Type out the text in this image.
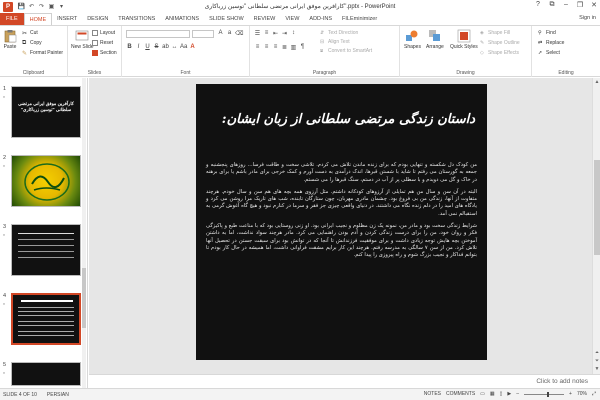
P	💾 ↶ ↷ ▣ ▾	کارآفرین موفق ایرانی مرتضی سلطانی "توسین زرباکاری".pptx - PowerPoint	? ⧉ – ❐ ✕
FILE	HOME	INSERT	DESIGN	TRANSITIONS	ANIMATIONS	SLIDE SHOW	REVIEW	VIEW	ADD-INS	FILEminimizer	Sign in
Paste
✂ Cut
⧉ Copy
✎ Format Painter
Clipboard
New Slide
Layout
Reset
Section
Slides
A a ⌫
B I	U S ab ↔ Aa A
Font
☰ ≡ ⇤ ⇥ ↕
≡ ≡ ≡ ≣ ▥ ¶
⇵ Text Direction
⊟ Align Text
⧈ Convert to SmartArt
Paragraph
Shapes Arrange Quick Styles
◈ Shape Fill
✎ Shape Outline
◇ Shape Effects
Drawing
⚲ Find
⇄ Replace
➚ Select
Editing
1
*
کارآفرین موفق ایرانی مرتضی سلطانی "توسین زرباکاری"
2
*
3
*
4
*
5
*
داستان زندگی مرتضی سلطانی از زبان ایشان:

من کودک دل شکسته و تنهایی بودم که برای زنده ماندن تلاش می کردم. تلاشی سخت و طاقت فرسا... روزهای پنجشنبه و جمعه به گورستان می رفتم تا شاید با شستن قبرها، اندک درآمدی به دست آورم و کمک خرجی برای مادر باشم یا برای برهنه در خاک و گل می دویدم و با سطلی پر از آب در دستم، سنگ قبرها را می شستم.

البته در آن سن و سال من هم تمایلی از آرزوهای کودکانه داشتم. مثل آرزوی همه بچه های هم سن و سال خودم. هرچند متفاوت از آنها، زندگی من بی فروغ بود. چشمان مادری مهربان، چون ستارگان تابنده، شب های تاریک مرا روشن می کرد و یادگاه های امید را در دلم زنده نگاه می داشتند. در دنیای واقعی چیزی جز فقر و سرما در کنارم نبود و هیچ گاه آغوش گرمی به استقبالم نمی آمد.

شرایط زندگی سخت بود و مادر من، نمونه یک زن مظلوم و نجیب ایرانی بود. او زنی روستایی بود که با مناعت طبع و پاکیزگی فکر و روان خود، من را برای درست زندگی کردن و آدم بودن راهنمایی می کرد. مادر هرچند سواد نداشت، اما به داشتن آموختن بچه هایش توجه زیادی داشت و برای موفقیت فرزندانش تا آنجا که در توانش بود برای سبقت جستن در تحصیل آنها تلاش کرد. من از سن ۷ سالگی به مدرسه رفتم. هرچند این کار برایم مشقت فراوانی داشت، اما همیشه در حال کار بودم تا بتوانم فداکار و نجیب بزرگ شوم و راه پیروزی را پیدا کنم.

▲
⏶
⏷
▼
Click to add notes
SLIDE 4 OF 10 PERSIAN	NOTES COMMENTS ▭ ▦ ▯ ▶ –	+ 70% ⤢
